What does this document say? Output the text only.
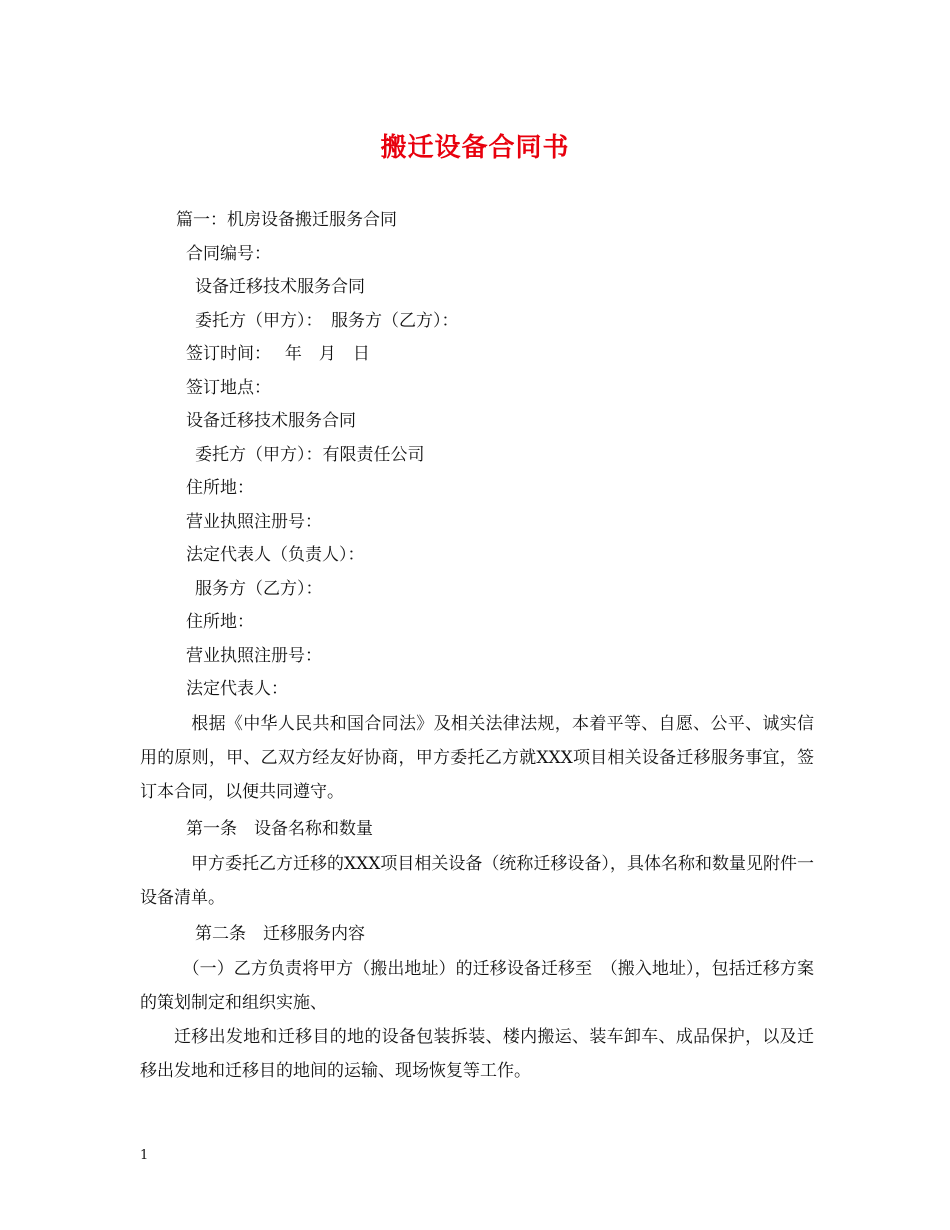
搬迁设备合同书
篇一：机房设备搬迁服务合同
合同编号：
设备迁移技术服务合同
委托方（甲方）：　服务方（乙方）：
签订时间：　 年　月　日
签订地点：
设备迁移技术服务合同
委托方（甲方）：有限责任公司
住所地：
营业执照注册号：
法定代表人（负责人）：
服务方（乙方）：
住所地：
营业执照注册号：
法定代表人：
　根据《中华人民共和国合同法》及相关法律法规，本着平等、自愿、公平、诚实信用的原则，甲、乙双方经友好协商，甲方委托乙方就XXX项目相关设备迁移服务事宜，签订本合同，以便共同遵守。
第一条　设备名称和数量
　甲方委托乙方迁移的XXX项目相关设备（统称迁移设备），具体名称和数量见附件一设备清单。
第二条　迁移服务内容
　（一）乙方负责将甲方（搬出地址）的迁移设备迁移至　（搬入地址），包括迁移方案的策划制定和组织实施、
迁移出发地和迁移目的地的设备包装拆装、楼内搬运、装车卸车、成品保护，以及迁移出发地和迁移目的地间的运输、现场恢复等工作。
1
